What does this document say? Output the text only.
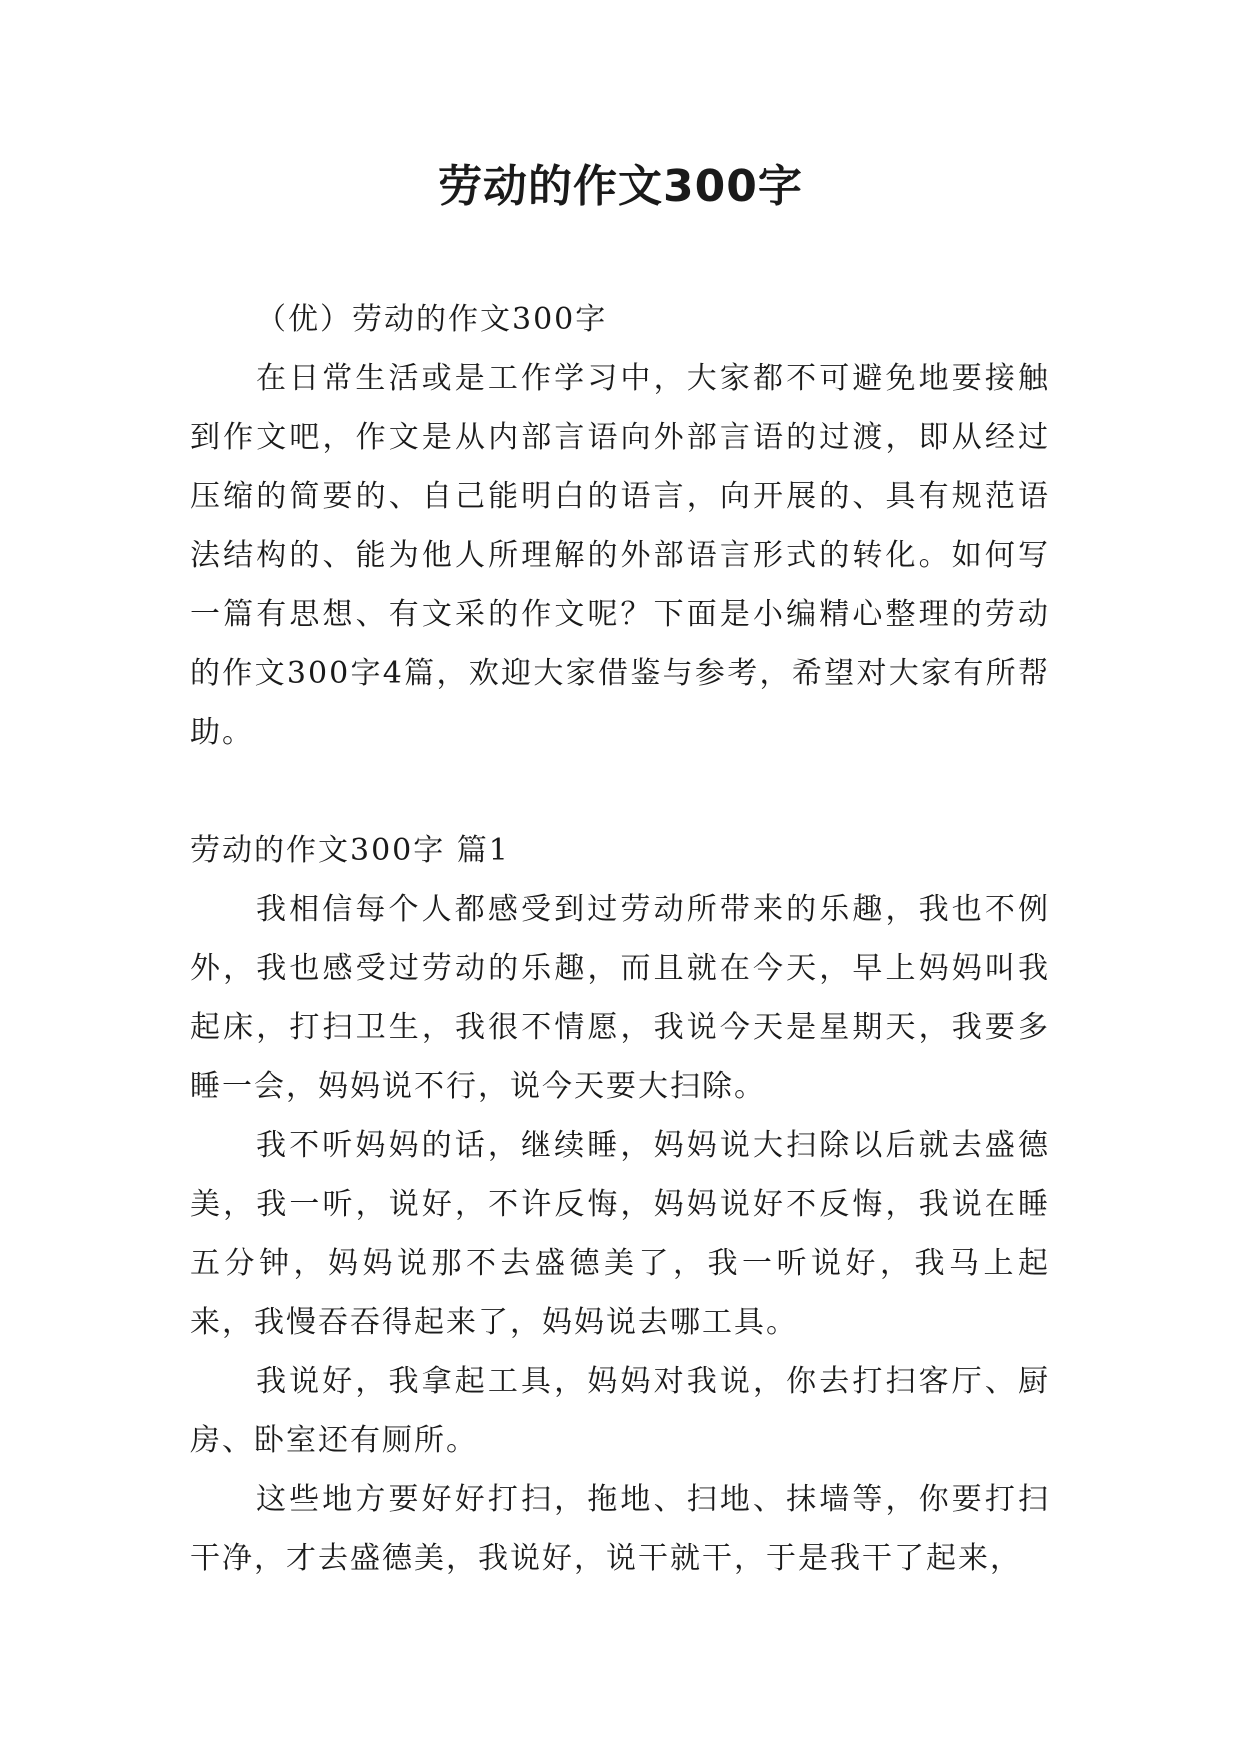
劳动的作文300字

（优）劳动的作文300字

在日常生活或是工作学习中，大家都不可避免地要接触到作文吧，作文是从内部言语向外部言语的过渡，即从经过压缩的简要的、自己能明白的语言，向开展的、具有规范语法结构的、能为他人所理解的外部语言形式的转化。如何写一篇有思想、有文采的作文呢？下面是小编精心整理的劳动的作文300字4篇，欢迎大家借鉴与参考，希望对大家有所帮助。

劳动的作文300字 篇1

我相信每个人都感受到过劳动所带来的乐趣，我也不例外，我也感受过劳动的乐趣，而且就在今天，早上妈妈叫我起床，打扫卫生，我很不情愿，我说今天是星期天，我要多睡一会，妈妈说不行，说今天要大扫除。

我不听妈妈的话，继续睡，妈妈说大扫除以后就去盛德美，我一听，说好，不许反悔，妈妈说好不反悔，我说在睡五分钟，妈妈说那不去盛德美了，我一听说好，我马上起来，我慢吞吞得起来了，妈妈说去哪工具。

我说好，我拿起工具，妈妈对我说，你去打扫客厅、厨房、卧室还有厕所。

这些地方要好好打扫，拖地、扫地、抹墙等，你要打扫干净，才去盛德美，我说好，说干就干，于是我干了起来，
